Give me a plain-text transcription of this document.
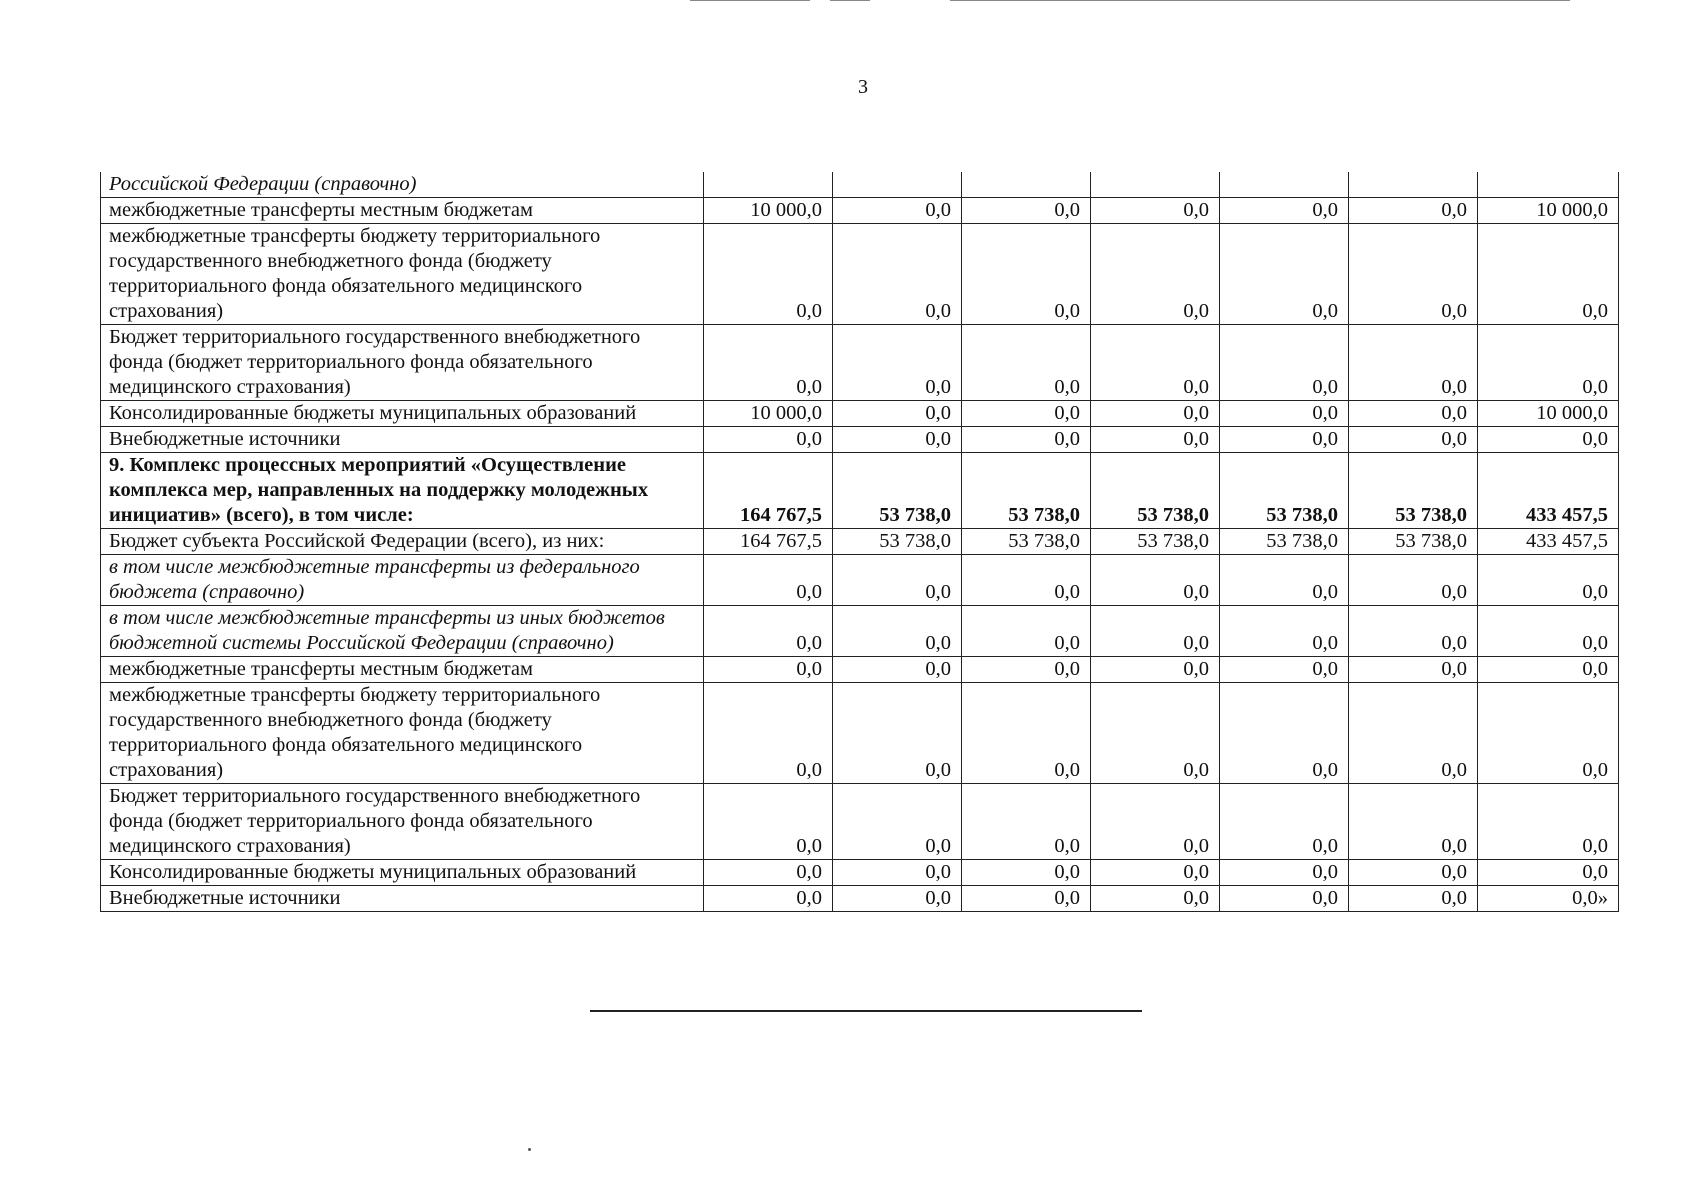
3
Российской Федерации (справочно)							
межбюджетные трансферты местным бюджетам	10 000,0	0,0	0,0	0,0	0,0	0,0	10 000,0
межбюджетные трансферты бюджету территориального государственного внебюджетного фонда (бюджету территориального фонда обязательного медицинского страхования)	0,0	0,0	0,0	0,0	0,0	0,0	0,0
Бюджет территориального государственного внебюджетного фонда (бюджет территориального фонда обязательного медицинского страхования)	0,0	0,0	0,0	0,0	0,0	0,0	0,0
Консолидированные бюджеты муниципальных образований	10 000,0	0,0	0,0	0,0	0,0	0,0	10 000,0
Внебюджетные источники	0,0	0,0	0,0	0,0	0,0	0,0	0,0
9. Комплекс процессных мероприятий «Осуществление комплекса мер, направленных на поддержку молодежных инициатив» (всего), в том числе:	164 767,5	53 738,0	53 738,0	53 738,0	53 738,0	53 738,0	433 457,5
Бюджет субъекта Российской Федерации (всего), из них:	164 767,5	53 738,0	53 738,0	53 738,0	53 738,0	53 738,0	433 457,5
в том числе межбюджетные трансферты из федерального бюджета (справочно)	0,0	0,0	0,0	0,0	0,0	0,0	0,0
в том числе межбюджетные трансферты из иных бюджетов бюджетной системы Российской Федерации (справочно)	0,0	0,0	0,0	0,0	0,0	0,0	0,0
межбюджетные трансферты местным бюджетам	0,0	0,0	0,0	0,0	0,0	0,0	0,0
межбюджетные трансферты бюджету территориального государственного внебюджетного фонда (бюджету территориального фонда обязательного медицинского страхования)	0,0	0,0	0,0	0,0	0,0	0,0	0,0
Бюджет территориального государственного внебюджетного фонда (бюджет территориального фонда обязательного медицинского страхования)	0,0	0,0	0,0	0,0	0,0	0,0	0,0
Консолидированные бюджеты муниципальных образований	0,0	0,0	0,0	0,0	0,0	0,0	0,0
Внебюджетные источники	0,0	0,0	0,0	0,0	0,0	0,0	0,0»
